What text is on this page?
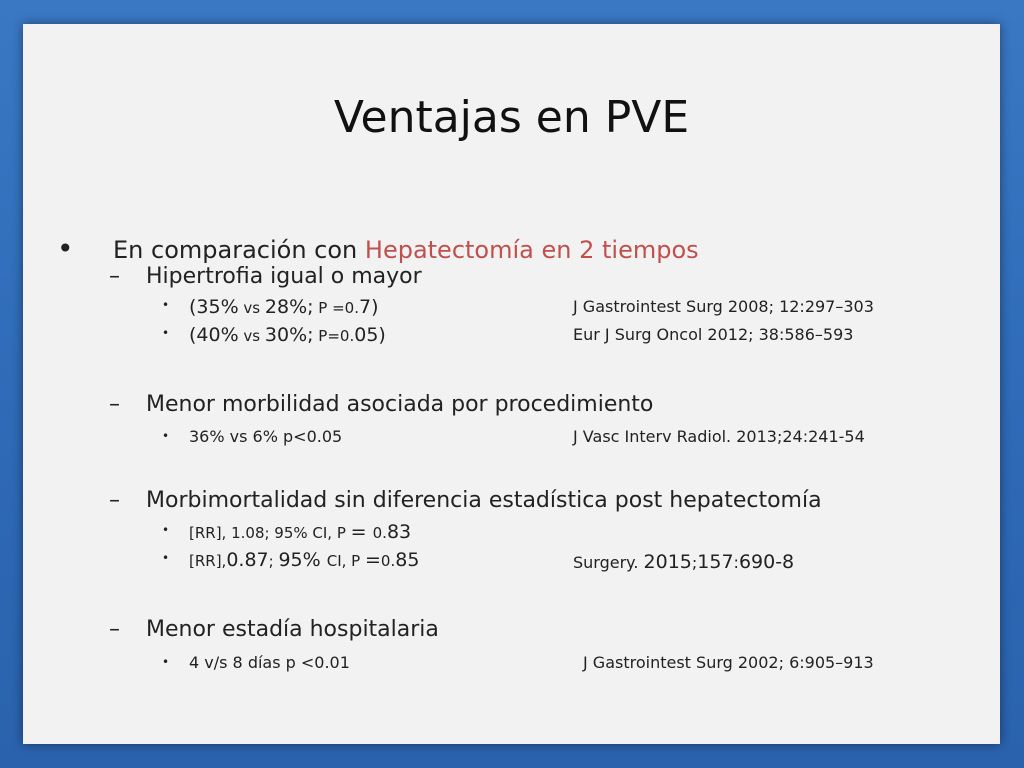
Ventajas en PVE
• En comparación con Hepatectomía en 2 tiempos
– Hipertrofia igual o mayor
• (35% vs 28%; P =0.7)	J Gastrointest Surg 2008; 12:297–303
• (40% vs 30%; P=0.05)	Eur J Surg Oncol 2012; 38:586–593
– Menor morbilidad asociada por procedimiento
• 36% vs 6% p<0.05	J Vasc Interv Radiol. 2013;24:241-54
– Morbimortalidad sin diferencia estadística post hepatectomía
• [RR], 1.08; 95% CI, P = 0.83
• [RR],0.87; 95% CI, P =0.85	Surgery. 2015;157:690-8
– Menor estadía hospitalaria
• 4 v/s 8 días p <0.01	J Gastrointest Surg 2002; 6:905–913
